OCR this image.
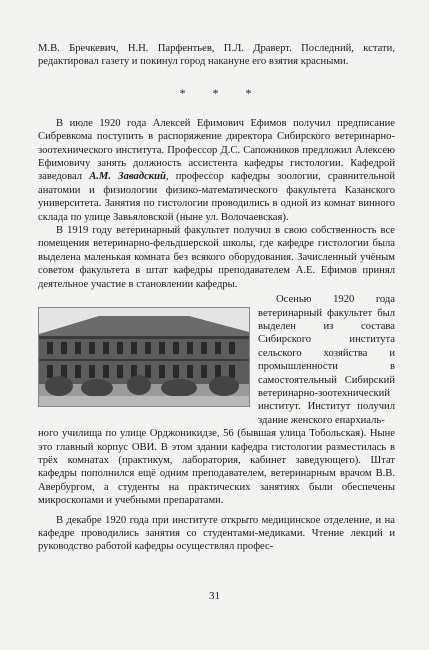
М.В. Бречкевич, Н.Н. Парфентьев, П.Л. Драверт. Последний, кстати, редактировал газету и покинул город накануне его взятия красными.

* * *

В июле 1920 года Алексей Ефимович Ефимов получил предписание Сибревкома поступить в распоряжение директора Сибирского ветеринарно-зоотехнического института. Профессор Д.С. Сапожников предложил Алексею Ефимовичу занять должность ассистента кафедры гистологии. Кафедрой заведовал А.М. Завадский, профессор кафедры зоологии, сравнительной анатомии и физиологии физико-математического факультета Казанского университета. Занятия по гистологии проводились в одной из комнат винного склада по улице Завьяловской (ныне ул. Волочаевская).

В 1919 году ветеринарный факультет получил в свою собственность все помещения ветеринарно-фельдшерской школы, где кафедре гистологии была выделена маленькая комната без всякого оборудования. Зачисленный учёным советом факультета в штат кафедры преподавателем А.Е. Ефимов принял деятельное участие в становлении кафедры.

Осенью 1920 года ветеринарный факультет был выделен из состава Сибирского института сельского хозяйства и промышленности в самостоятельный Сибирский ветеринарно-зоотехнический институт. Институт получил здание женского епархиаль-

ного училища по улице Орджоникидзе, 56 (бывшая улица Тобольская). Ныне это главный корпус ОВИ. В этом здании кафедра гистологии разместилась в трёх комнатах (практикум, лаборатория, кабинет заведующего). Штат кафедры пополнился ещё одним преподавателем, ветеринарным врачом В.В. Авербургом, а студенты на практических занятиях были обеспечены микроскопами и учебными препаратами.

В декабре 1920 года при институте открыто медицинское отделение, и на кафедре проводились занятия со студентами-медиками. Чтение лекций и руководство работой кафедры осуществлял профес-

31
